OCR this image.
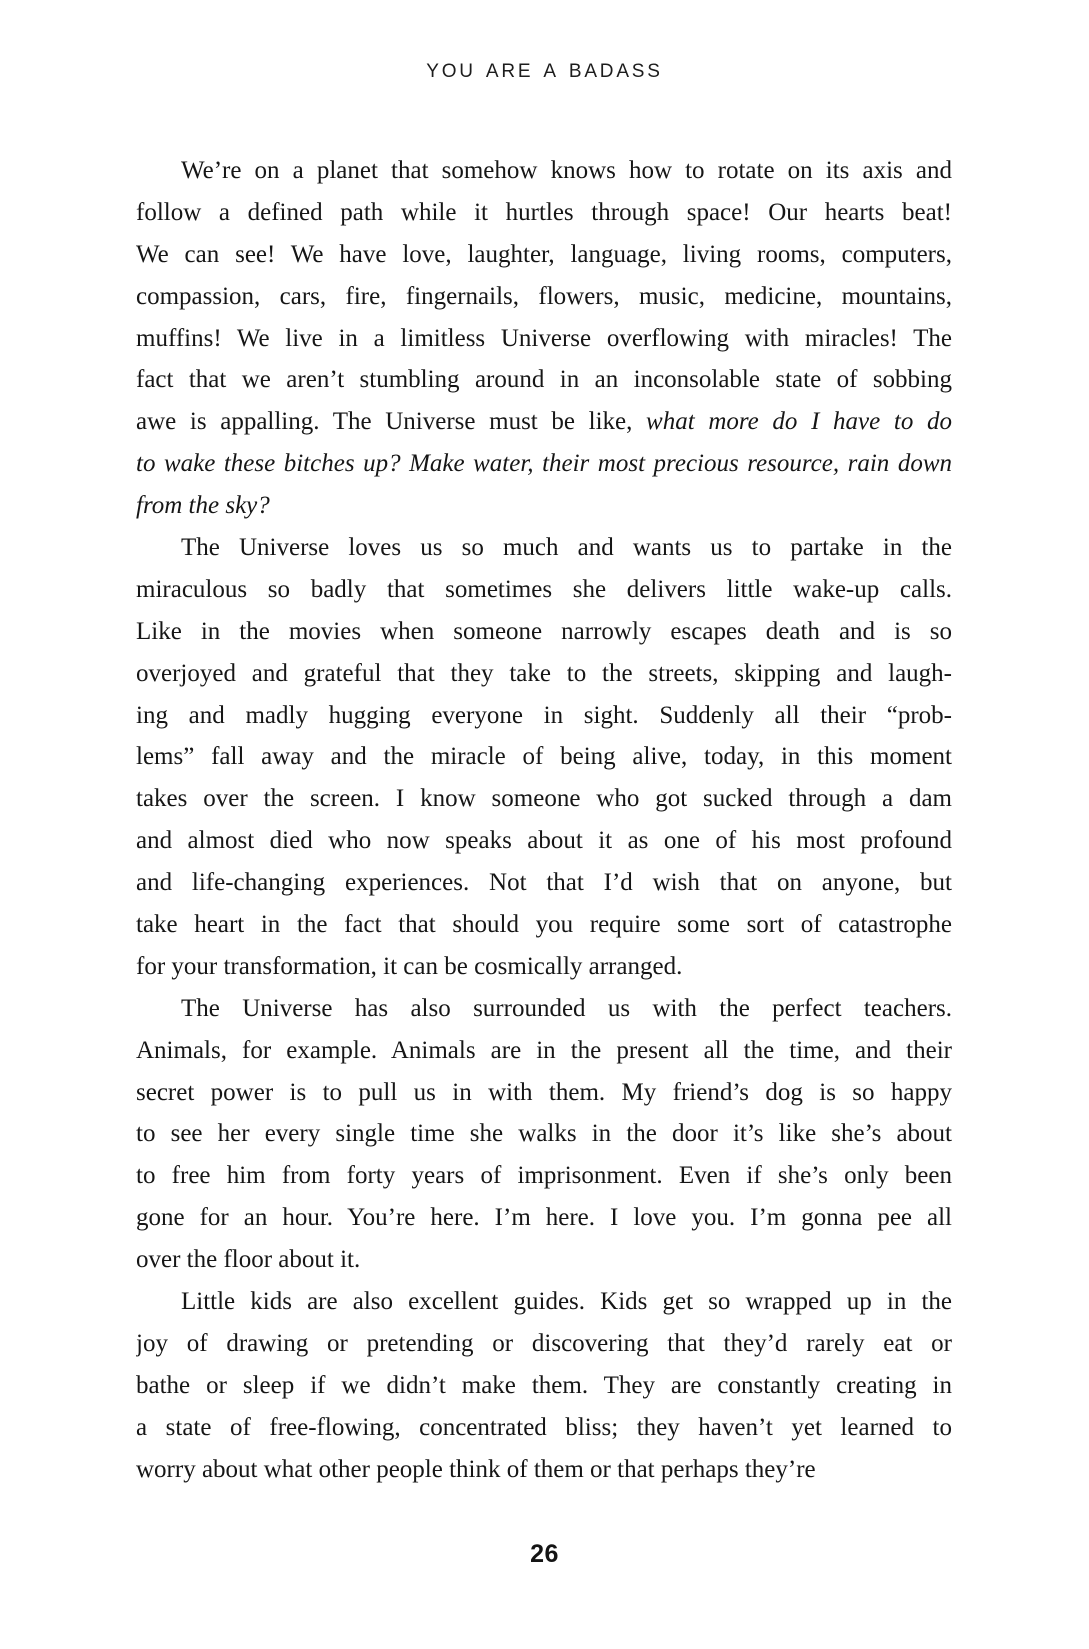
YOU ARE A BADASS
We’re on a planet that somehow knows how to rotate on its axis and
follow a defined path while it hurtles through space! Our hearts beat!
We can see! We have love, laughter, language, living rooms, computers,
compassion, cars, fire, fingernails, flowers, music, medicine, mountains,
muffins! We live in a limitless Universe overflowing with miracles! The
fact that we aren’t stumbling around in an inconsolable state of sobbing
awe is appalling. The Universe must be like, what more do I have to do
to wake these bitches up? Make water, their most precious resource, rain down
from the sky?
The Universe loves us so much and wants us to partake in the
miraculous so badly that sometimes she delivers little wake-up calls.
Like in the movies when someone narrowly escapes death and is so
overjoyed and grateful that they take to the streets, skipping and laugh-
ing and madly hugging everyone in sight. Suddenly all their “prob-
lems” fall away and the miracle of being alive, today, in this moment
takes over the screen. I know someone who got sucked through a dam
and almost died who now speaks about it as one of his most profound
and life-changing experiences. Not that I’d wish that on anyone, but
take heart in the fact that should you require some sort of catastrophe
for your transformation, it can be cosmically arranged.
The Universe has also surrounded us with the perfect teachers.
Animals, for example. Animals are in the present all the time, and their
secret power is to pull us in with them. My friend’s dog is so happy
to see her every single time she walks in the door it’s like she’s about
to free him from forty years of imprisonment. Even if she’s only been
gone for an hour. You’re here. I’m here. I love you. I’m gonna pee all
over the floor about it.
Little kids are also excellent guides. Kids get so wrapped up in the
joy of drawing or pretending or discovering that they’d rarely eat or
bathe or sleep if we didn’t make them. They are constantly creating in
a state of free-flowing, concentrated bliss; they haven’t yet learned to
worry about what other people think of them or that perhaps they’re
26
